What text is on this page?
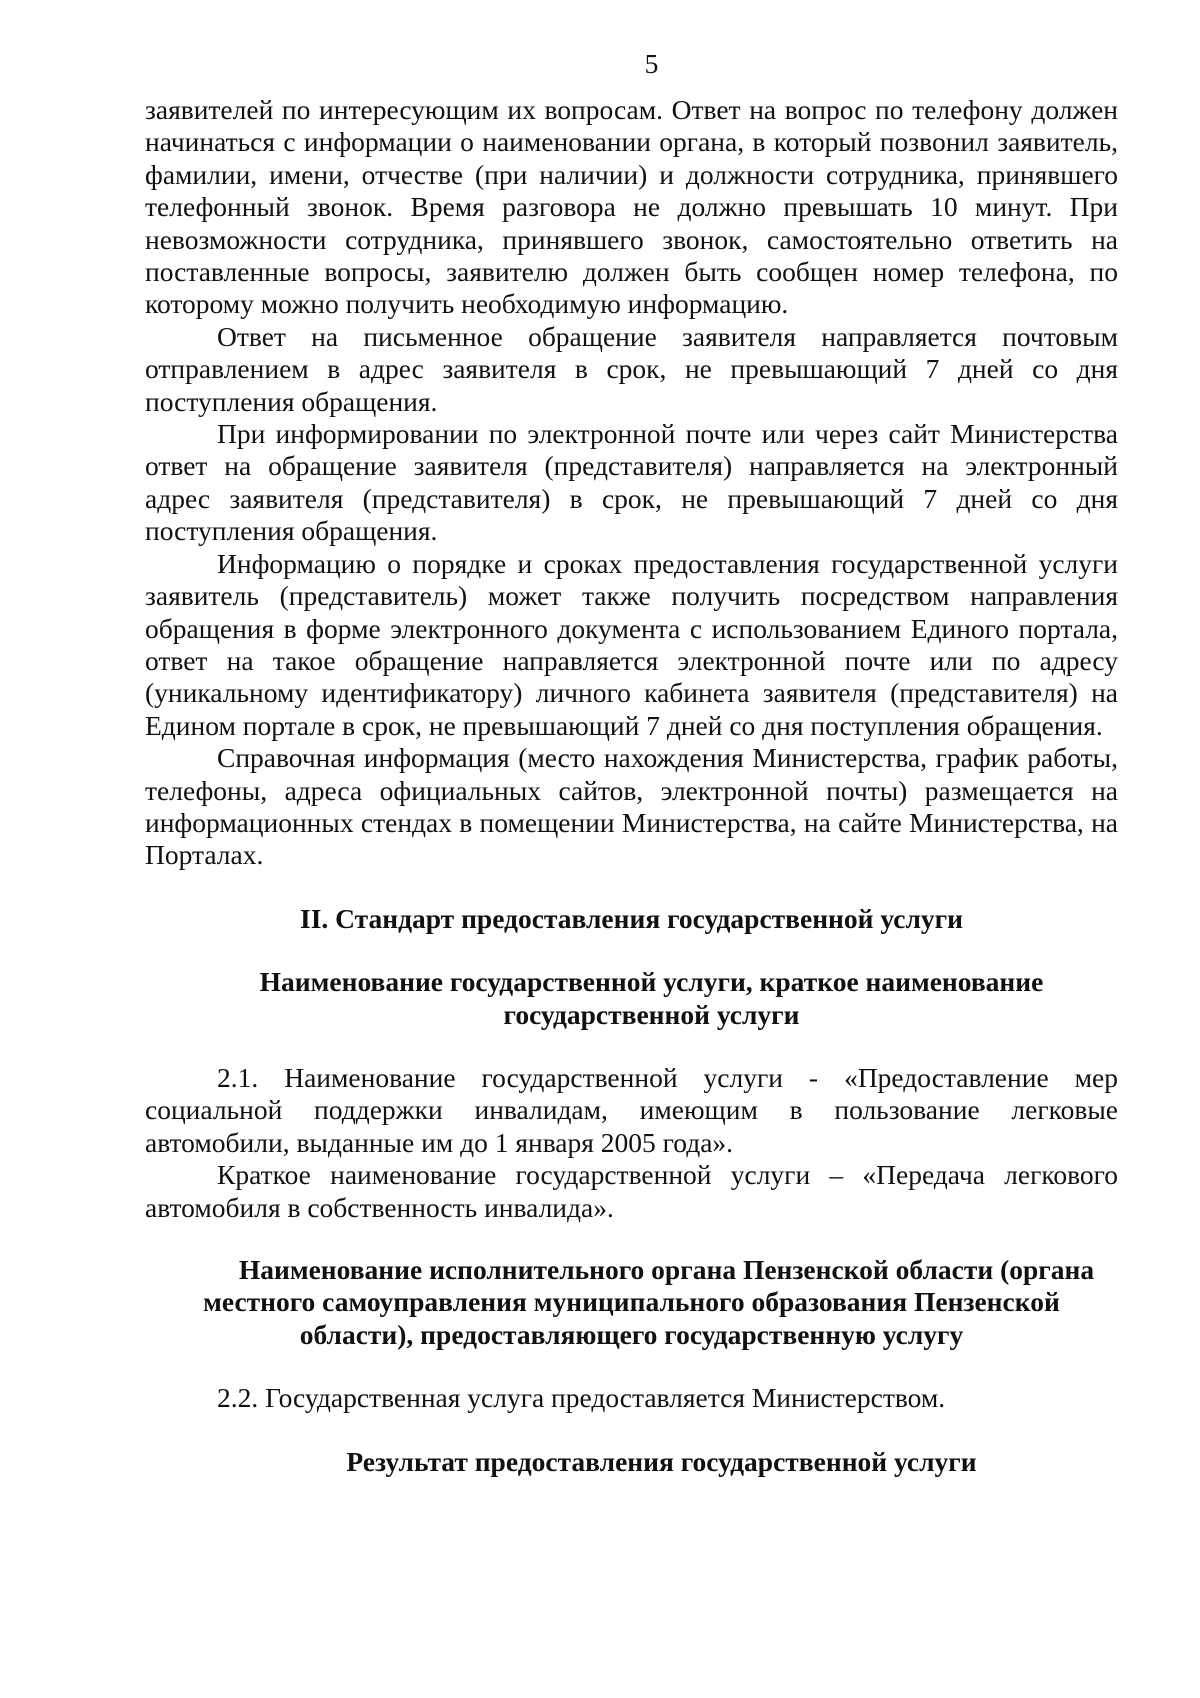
5

заявителей по интересующим их вопросам. Ответ на вопрос по телефону должен начинаться с информации о наименовании органа, в который позвонил заявитель, фамилии, имени, отчестве (при наличии) и должности сотрудника, принявшего телефонный звонок. Время разговора не должно превышать 10 минут. При невозможности сотрудника, принявшего звонок, самостоятельно ответить на поставленные вопросы, заявителю должен быть сообщен номер телефона, по которому можно получить необходимую информацию.

Ответ на письменное обращение заявителя направляется почтовым отправлением в адрес заявителя в срок, не превышающий 7 дней со дня поступления обращения.

При информировании по электронной почте или через сайт Министерства ответ на обращение заявителя (представителя) направляется на электронный адрес заявителя (представителя) в срок, не превышающий 7 дней со дня поступления обращения.

Информацию о порядке и сроках предоставления государственной услуги заявитель (представитель) может также получить посредством направления обращения в форме электронного документа с использованием Единого портала, ответ на такое обращение направляется электронной почте или по адресу (уникальному идентификатору) личного кабинета заявителя (представителя) на Едином портале в срок, не превышающий 7 дней со дня поступления обращения.

Справочная информация (место нахождения Министерства, график работы, телефоны, адреса официальных сайтов, электронной почты) размещается на информационных стендах в помещении Министерства, на сайте Министерства, на Порталах.

II. Стандарт предоставления государственной услуги
Наименование государственной услуги, краткое наименование государственной услуги

2.1. Наименование государственной услуги - «Предоставление мер социальной поддержки инвалидам, имеющим в пользование легковые автомобили, выданные им до 1 января 2005 года».

Краткое наименование государственной услуги – «Передача легкового автомобиля в собственность инвалида».

Наименование исполнительного органа Пензенской области (органа
местного самоуправления муниципального образования Пензенской
области), предоставляющего государственную услугу

2.2. Государственная услуга предоставляется Министерством.

Результат предоставления государственной услуги
